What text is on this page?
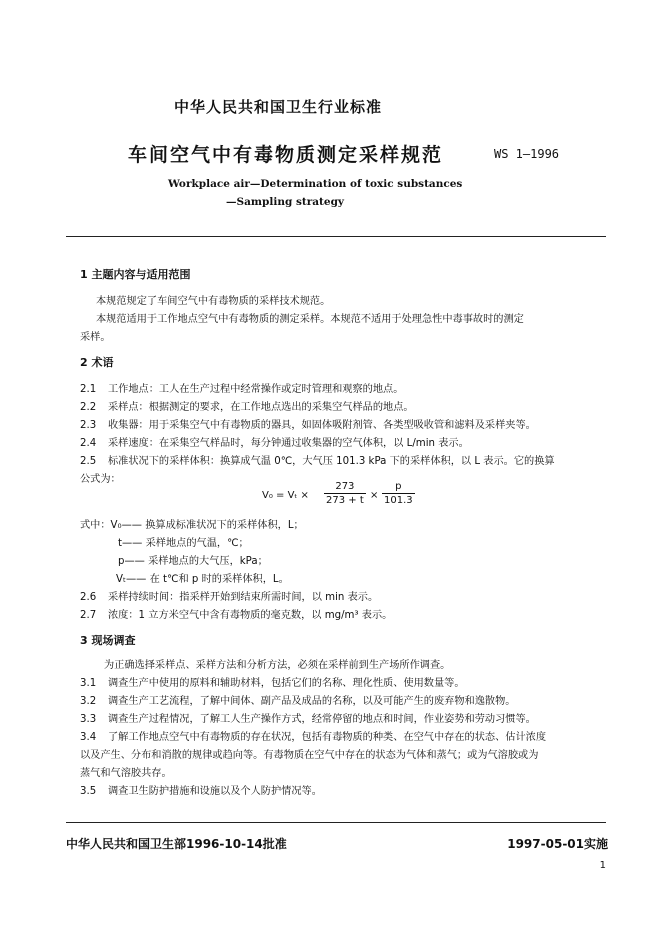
中华人民共和国卫生行业标准
车间空气中有毒物质测定采样规范	WS 1—1996
Workplace air—Determination of toxic substances
—Sampling strategy
1 主题内容与适用范围
本规范规定了车间空气中有毒物质的采样技术规范。
本规范适用于工作地点空气中有毒物质的测定采样。本规范不适用于处理急性中毒事故时的测定
采样。
2 术语
2.1 工作地点：工人在生产过程中经常操作或定时管理和观察的地点。
2.2 采样点：根据测定的要求，在工作地点选出的采集空气样品的地点。
2.3 收集器：用于采集空气中有毒物质的器具，如固体吸附剂管、各类型吸收管和滤料及采样夹等。
2.4 采样速度：在采集空气样品时，每分钟通过收集器的空气体积，以 L/min 表示。
2.5 标准状况下的采样体积：换算成气温 0℃，大气压 101.3 kPa 下的采样体积，以 L 表示。它的换算
公式为：
V₀ = Vₜ ×
273
273 + t ×
p
101.3
式中：V₀—— 换算成标准状况下的采样体积，L；
t—— 采样地点的气温，℃；
p—— 采样地点的大气压，kPa；
Vₜ—— 在 t℃和 p 时的采样体积，L。
2.6 采样持续时间：指采样开始到结束所需时间，以 min 表示。
2.7 浓度：1 立方米空气中含有毒物质的毫克数，以 mg/m³ 表示。
3 现场调查
为正确选择采样点、采样方法和分析方法，必须在采样前到生产场所作调查。
3.1 调查生产中使用的原料和辅助材料，包括它们的名称、理化性质、使用数量等。
3.2 调查生产工艺流程，了解中间体、副产品及成品的名称，以及可能产生的废弃物和逸散物。
3.3 调查生产过程情况，了解工人生产操作方式，经常停留的地点和时间，作业姿势和劳动习惯等。
3.4 了解工作地点空气中有毒物质的存在状况，包括有毒物质的种类、在空气中存在的状态、估计浓度
以及产生、分布和消散的规律或趋向等。有毒物质在空气中存在的状态为气体和蒸气；或为气溶胶或为
蒸气和气溶胶共存。
3.5 调查卫生防护措施和设施以及个人防护情况等。
中华人民共和国卫生部1996-10-14批准	1997-05-01实施
1
